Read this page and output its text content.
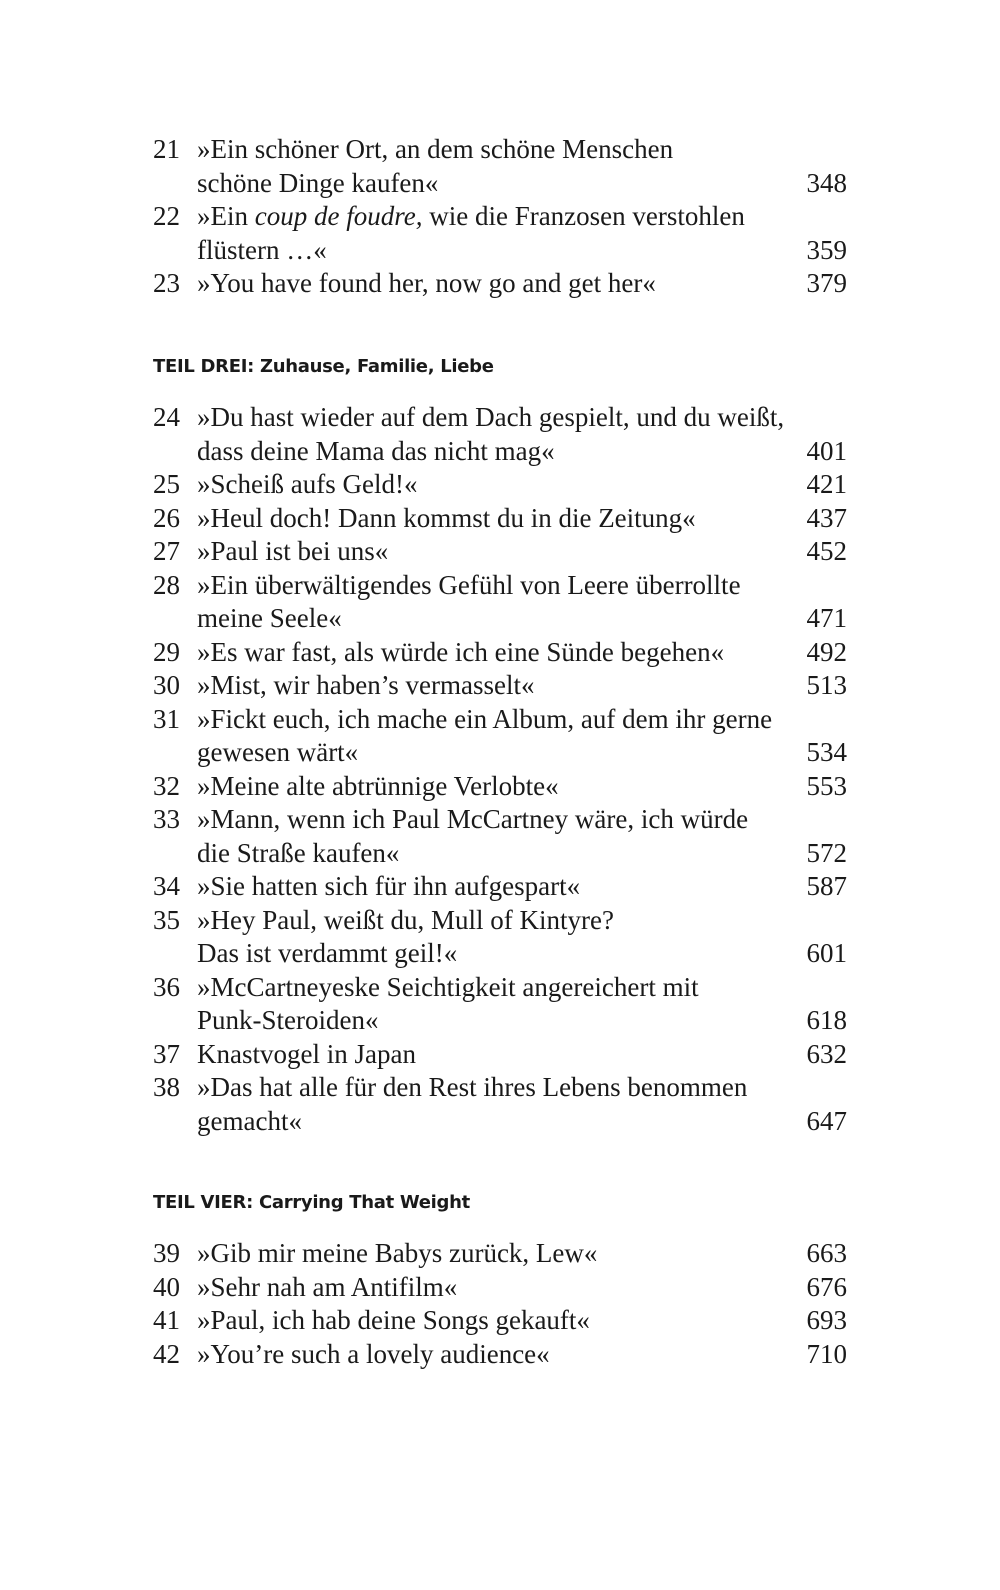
21 »Ein schöner Ort, an dem schöne Menschen
schöne Dinge kaufen«	348
22 »Ein coup de foudre, wie die Franzosen verstohlen
flüstern …«	359
23 »You have found her, now go and get her«	379
TEIL DREI: Zuhause, Familie, Liebe
24 »Du hast wieder auf dem Dach gespielt, und du weißt,
dass deine Mama das nicht mag«	401
25 »Scheiß aufs Geld!«	421
26 »Heul doch! Dann kommst du in die Zeitung«	437
27 »Paul ist bei uns«	452
28 »Ein überwältigendes Gefühl von Leere überrollte
meine Seele«	471
29 »Es war fast, als würde ich eine Sünde begehen«	492
30 »Mist, wir haben’s vermasselt«	513
31 »Fickt euch, ich mache ein Album, auf dem ihr gerne
gewesen wärt«	534
32 »Meine alte abtrünnige Verlobte«	553
33 »Mann, wenn ich Paul McCartney wäre, ich würde
die Straße kaufen«	572
34 »Sie hatten sich für ihn aufgespart«	587
35 »Hey Paul, weißt du, Mull of Kintyre?
Das ist verdammt geil!«	601
36 »McCartneyeske Seichtigkeit angereichert mit
Punk-Steroiden«	618
37 Knastvogel in Japan	632
38 »Das hat alle für den Rest ihres Lebens benommen
gemacht«	647
TEIL VIER: Carrying That Weight
39 »Gib mir meine Babys zurück, Lew«	663
40 »Sehr nah am Antifilm«	676
41 »Paul, ich hab deine Songs gekauft«	693
42 »You’re such a lovely audience«	710
